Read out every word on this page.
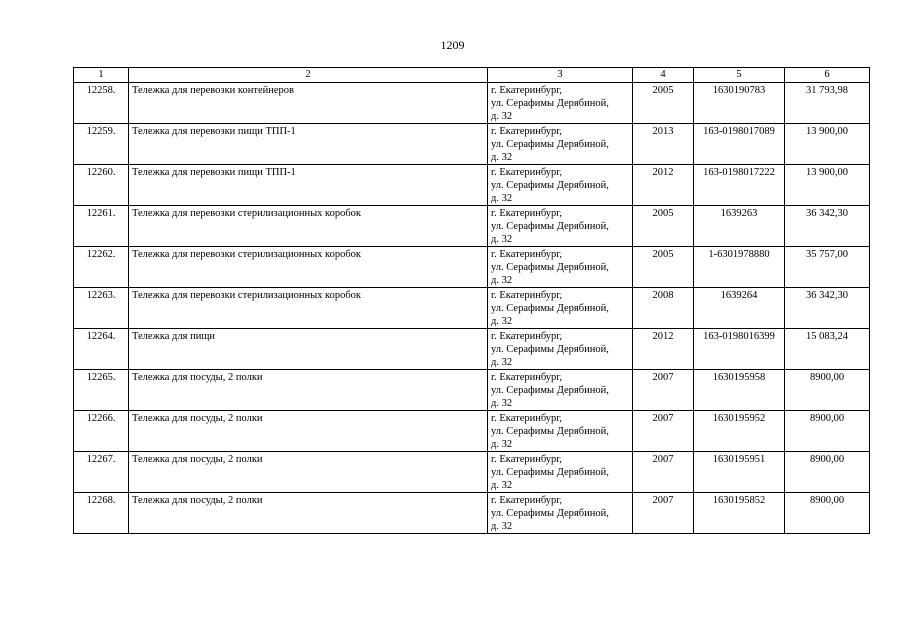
1209
1	2	3	4	5	6
12258.	Тележка для перевозки контейнеров	г. Екатеринбург,
ул. Серафимы Дерябиной,
д. 32	2005	1630190783	31 793,98
12259.	Тележка для перевозки пищи ТПП-1	г. Екатеринбург,
ул. Серафимы Дерябиной,
д. 32	2013	163-0198017089	13 900,00
12260.	Тележка для перевозки пищи ТПП-1	г. Екатеринбург,
ул. Серафимы Дерябиной,
д. 32	2012	163-0198017222	13 900,00
12261.	Тележка для перевозки стерилизационных коробок	г. Екатеринбург,
ул. Серафимы Дерябиной,
д. 32	2005	1639263	36 342,30
12262.	Тележка для перевозки стерилизационных коробок	г. Екатеринбург,
ул. Серафимы Дерябиной,
д. 32	2005	1-6301978880	35 757,00
12263.	Тележка для перевозки стерилизационных коробок	г. Екатеринбург,
ул. Серафимы Дерябиной,
д. 32	2008	1639264	36 342,30
12264.	Тележка для пищи	г. Екатеринбург,
ул. Серафимы Дерябиной,
д. 32	2012	163-0198016399	15 083,24
12265.	Тележка для посуды, 2 полки	г. Екатеринбург,
ул. Серафимы Дерябиной,
д. 32	2007	1630195958	8900,00
12266.	Тележка для посуды, 2 полки	г. Екатеринбург,
ул. Серафимы Дерябиной,
д. 32	2007	1630195952	8900,00
12267.	Тележка для посуды, 2 полки	г. Екатеринбург,
ул. Серафимы Дерябиной,
д. 32	2007	1630195951	8900,00
12268.	Тележка для посуды, 2 полки	г. Екатеринбург,
ул. Серафимы Дерябиной,
д. 32	2007	1630195852	8900,00
